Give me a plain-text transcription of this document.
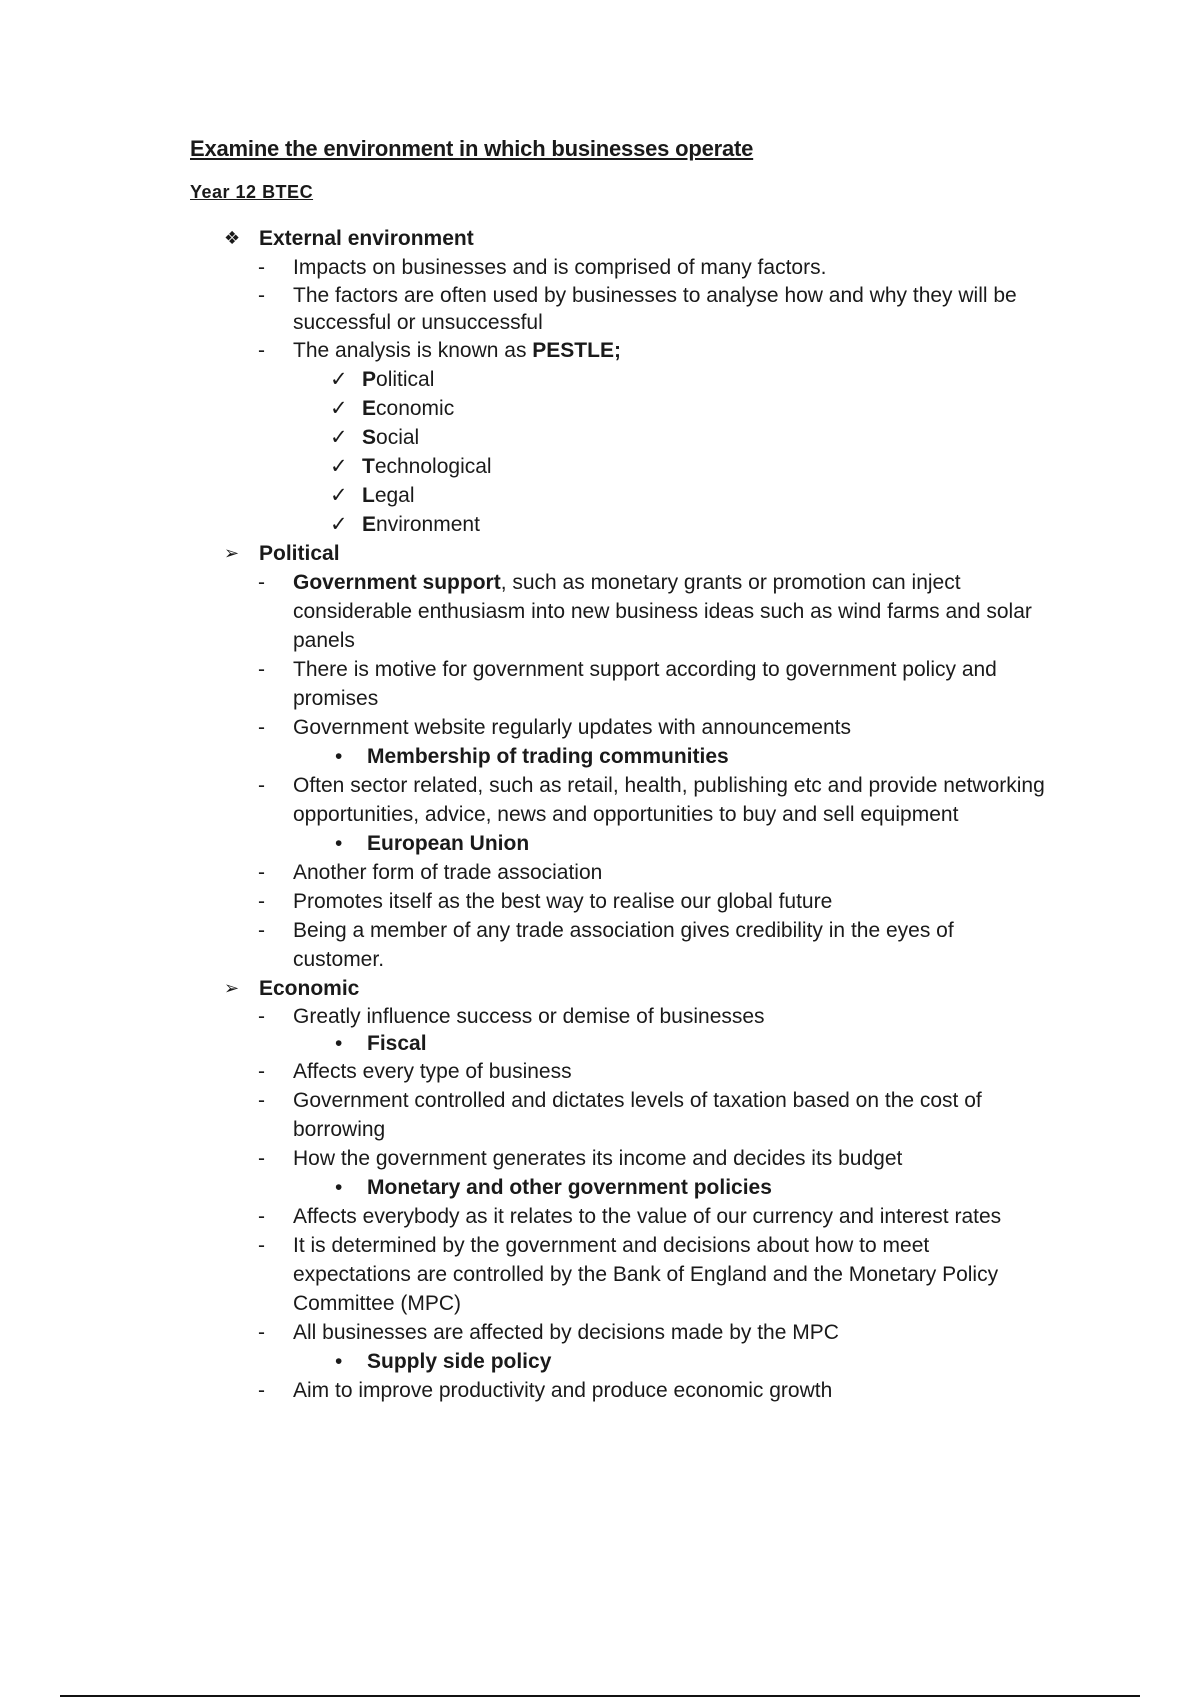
Examine the environment in which businesses operate
Year 12 BTEC
❖ External environment
- Impacts on businesses and is comprised of many factors.
- The factors are often used by businesses to analyse how and why they will be successful or unsuccessful
- The analysis is known as PESTLE;
✓ Political
✓ Economic
✓ Social
✓ Technological
✓ Legal
✓ Environment
➢ Political
- Government support, such as monetary grants or promotion can inject considerable enthusiasm into new business ideas such as wind farms and solar panels
- There is motive for government support according to government policy and promises
- Government website regularly updates with announcements
• Membership of trading communities
- Often sector related, such as retail, health, publishing etc and provide networking opportunities, advice, news and opportunities to buy and sell equipment
• European Union
- Another form of trade association
- Promotes itself as the best way to realise our global future
- Being a member of any trade association gives credibility in the eyes of customer.
➢ Economic
- Greatly influence success or demise of businesses
• Fiscal
- Affects every type of business
- Government controlled and dictates levels of taxation based on the cost of borrowing
- How the government generates its income and decides its budget
• Monetary and other government policies
- Affects everybody as it relates to the value of our currency and interest rates
- It is determined by the government and decisions about how to meet expectations are controlled by the Bank of England and the Monetary Policy Committee (MPC)
- All businesses are affected by decisions made by the MPC
• Supply side policy
- Aim to improve productivity and produce economic growth
